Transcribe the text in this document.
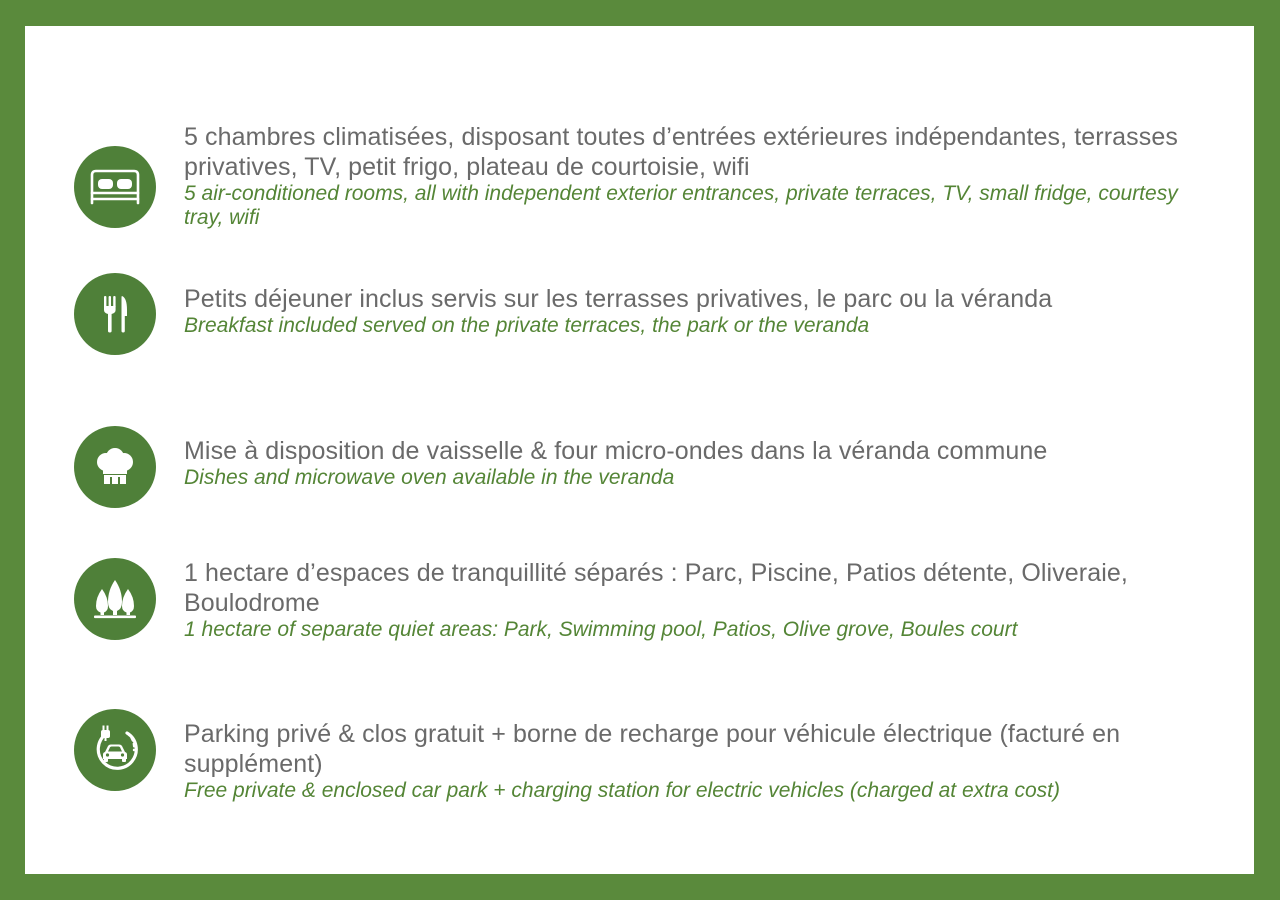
5 chambres climatisées, disposant toutes d’entrées extérieures indépendantes, terrasses privatives, TV, petit frigo, plateau de courtoisie, wifi
5 air-conditioned rooms, all with independent exterior entrances, private terraces, TV, small fridge, courtesy tray, wifi
Petits déjeuner inclus servis sur les terrasses privatives, le parc ou la véranda
Breakfast included served on the private terraces, the park or the veranda
Mise à disposition de vaisselle & four micro-ondes dans la véranda commune
Dishes and microwave oven available in the veranda
1 hectare d’espaces de tranquillité séparés : Parc, Piscine, Patios détente, Oliveraie, Boulodrome
1 hectare of separate quiet areas: Park, Swimming pool, Patios, Olive grove, Boules court
Parking privé & clos gratuit + borne de recharge pour véhicule électrique (facturé en supplément)
Free private & enclosed car park + charging station for electric vehicles (charged at extra cost)
